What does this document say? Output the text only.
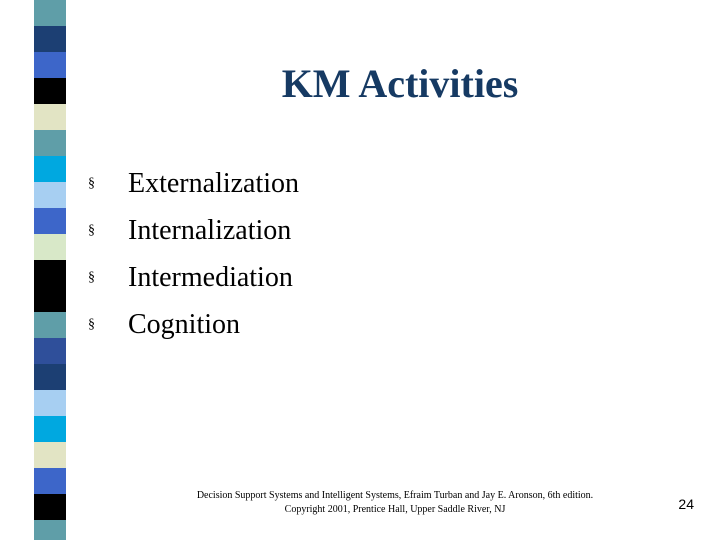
KM Activities
§	Externalization
§	Internalization
§	Intermediation
§	Cognition
Decision Support Systems and Intelligent Systems, Efraim Turban and Jay E. Aronson, 6th edition.
Copyright 2001, Prentice Hall, Upper Saddle River, NJ	24
